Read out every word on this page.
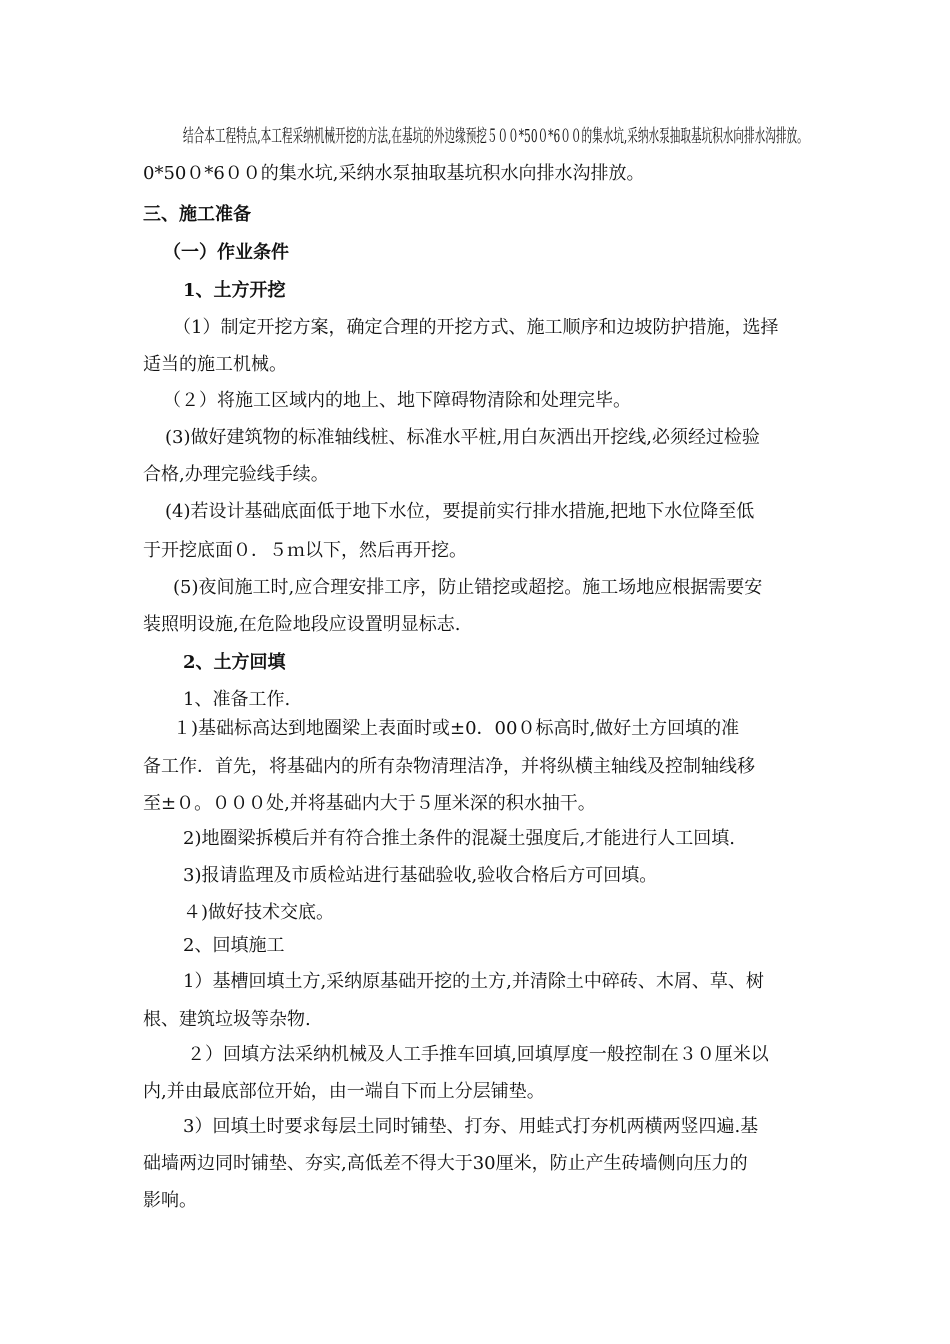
结合本工程特点,本工程采纳机械开挖的方法,在基坑的外边缘预挖５００*50０*6００的集水坑,采纳水泵抽取基坑积水向排水沟排放。
0*50０*6００的集水坑,采纳水泵抽取基坑积水向排水沟排放。
三、施工准备
（一）作业条件
1、土方开挖
（1）制定开挖方案，确定合理的开挖方式、施工顺序和边坡防护措施，选择
适当的施工机械。
（２）将施工区域内的地上、地下障碍物清除和处理完毕。
(3)做好建筑物的标准轴线桩、标准水平桩,用白灰洒出开挖线,必须经过检验
合格,办理完验线手续。
(4)若设计基础底面低于地下水位，要提前实行排水措施,把地下水位降至低
于开挖底面０．５ｍ以下，然后再开挖。
(5)夜间施工时,应合理安排工序，防止错挖或超挖。施工场地应根据需要安
装照明设施,在危险地段应设置明显标志.
2、土方回填
1、准备工作.
１)基础标高达到地圈梁上表面时或±0．00０标高时,做好土方回填的准
备工作．首先，将基础内的所有杂物清理洁净，并将纵横主轴线及控制轴线移
至±０。０００处,并将基础内大于５厘米深的积水抽干。
2)地圈梁拆模后并有符合推土条件的混凝土强度后,才能进行人工回填.
3)报请监理及市质检站进行基础验收,验收合格后方可回填。
４)做好技术交底。
2、回填施工
1）基槽回填土方,采纳原基础开挖的土方,并清除土中碎砖、木屑、草、树
根、建筑垃圾等杂物.
２）回填方法采纳机械及人工手推车回填,回填厚度一般控制在３０厘米以
内,并由最底部位开始，由一端自下而上分层铺垫。
3）回填土时要求每层土同时铺垫、打夯、用蛙式打夯机两横两竖四遍.基
础墙两边同时铺垫、夯实,高低差不得大于30厘米，防止产生砖墙侧向压力的
影响。
